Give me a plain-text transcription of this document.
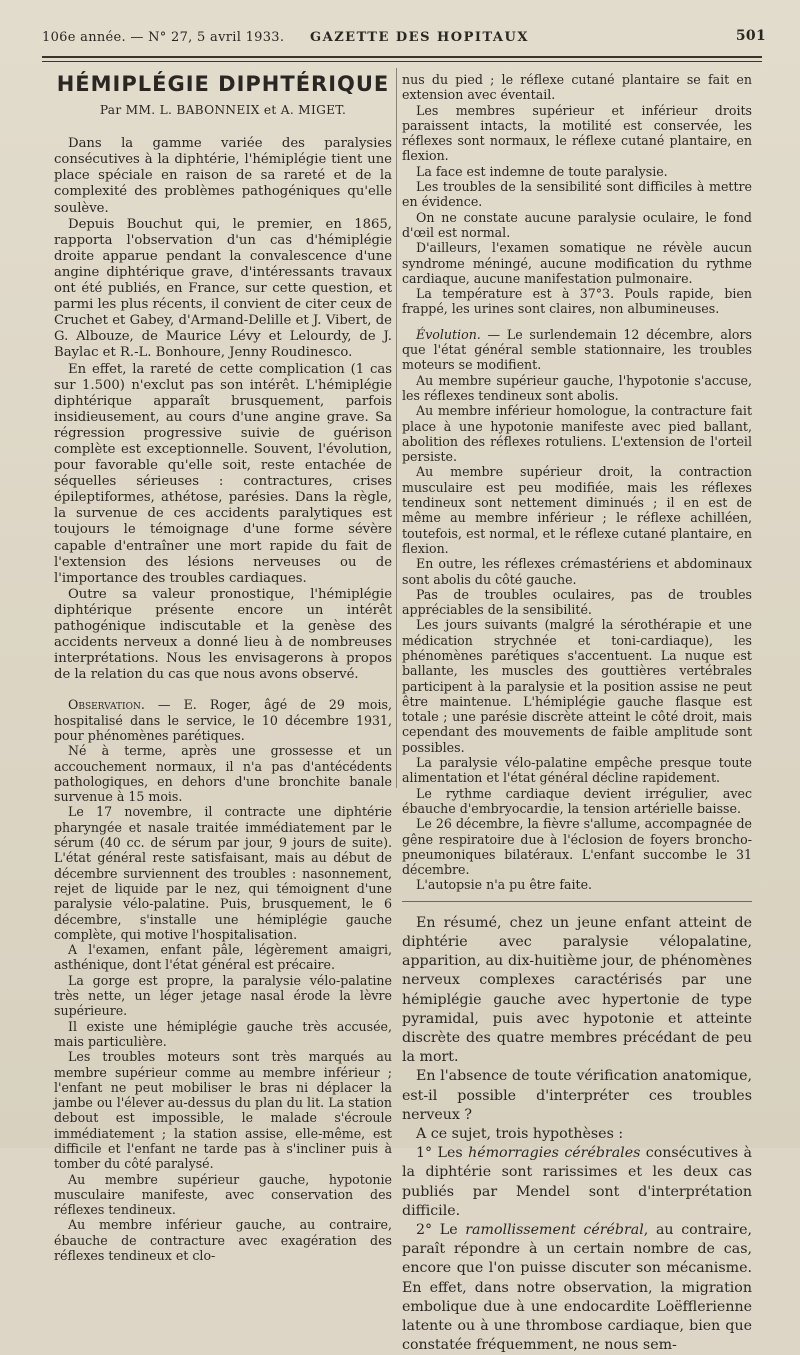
106e année. — N° 27, 5 avril 1933. GAZETTE DES HOPITAUX	501
HÉMIPLÉGIE DIPHTÉRIQUE
Par MM. L. BABONNEIX et A. MIGET.

Dans la gamme variée des paralysies consécutives à la diphtérie, l'hémiplégie tient une place spéciale en raison de sa rareté et de la complexité des problèmes pathogéniques qu'elle soulève.

Depuis Bouchut qui, le premier, en 1865, rapporta l'observation d'un cas d'hémiplégie droite apparue pendant la convalescence d'une angine diphtérique grave, d'intéressants travaux ont été publiés, en France, sur cette question, et parmi les plus récents, il convient de citer ceux de Cruchet et Gabey, d'Armand-Delille et J. Vibert, de G. Albouze, de Maurice Lévy et Lelourdy, de J. Baylac et R.-L. Bonhoure, Jenny Roudinesco.

En effet, la rareté de cette complication (1 cas sur 1.500) n'exclut pas son intérêt. L'hémiplégie diphtérique apparaît brusquement, parfois insidieusement, au cours d'une angine grave. Sa régression progressive suivie de guérison complète est exceptionnelle. Souvent, l'évolution, pour favorable qu'elle soit, reste entachée de séquelles sérieuses : contractures, crises épileptiformes, athétose, parésies. Dans la règle, la survenue de ces accidents paralytiques est toujours le témoignage d'une forme sévère capable d'entraîner une mort rapide du fait de l'extension des lésions nerveuses ou de l'importance des troubles cardiaques.

Outre sa valeur pronostique, l'hémiplégie diphtérique présente encore un intérêt pathogénique indiscutable et la genèse des accidents nerveux a donné lieu à de nombreuses interprétations. Nous les envisagerons à propos de la relation du cas que nous avons observé.

Observation. — E. Roger, âgé de 29 mois, hospitalisé dans le service, le 10 décembre 1931, pour phénomènes parétiques.

Né à terme, après une grossesse et un accouchement normaux, il n'a pas d'antécédents pathologiques, en dehors d'une bronchite banale survenue à 15 mois.

Le 17 novembre, il contracte une diphtérie pharyngée et nasale traitée immédiatement par le sérum (40 cc. de sérum par jour, 9 jours de suite). L'état général reste satisfaisant, mais au début de décembre surviennent des troubles : nasonnement, rejet de liquide par le nez, qui témoignent d'une paralysie vélo-palatine. Puis, brusquement, le 6 décembre, s'installe une hémiplégie gauche complète, qui motive l'hospitalisation.

A l'examen, enfant pâle, légèrement amaigri, asthénique, dont l'état général est précaire.

La gorge est propre, la paralysie vélo-palatine très nette, un léger jetage nasal érode la lèvre supérieure.

Il existe une hémiplégie gauche très accusée, mais particulière.

Les troubles moteurs sont très marqués au membre supérieur comme au membre inférieur ; l'enfant ne peut mobiliser le bras ni déplacer la jambe ou l'élever au-dessus du plan du lit. La station debout est impossible, le malade s'écroule immédiatement ; la station assise, elle-même, est difficile et l'enfant ne tarde pas à s'incliner puis à tomber du côté paralysé.

Au membre supérieur gauche, hypotonie musculaire manifeste, avec conservation des réflexes tendineux.

Au membre inférieur gauche, au contraire, ébauche de contracture avec exagération des réflexes tendineux et clo-

nus du pied ; le réflexe cutané plantaire se fait en extension avec éventail.

Les membres supérieur et inférieur droits paraissent intacts, la motilité est conservée, les réflexes sont normaux, le réflexe cutané plantaire, en flexion.

La face est indemne de toute paralysie.

Les troubles de la sensibilité sont difficiles à mettre en évidence.

On ne constate aucune paralysie oculaire, le fond d'œil est normal.

D'ailleurs, l'examen somatique ne révèle aucun syndrome méningé, aucune modification du rythme cardiaque, aucune manifestation pulmonaire.

La température est à 37°3. Pouls rapide, bien frappé, les urines sont claires, non albumineuses.

Évolution. — Le surlendemain 12 décembre, alors que l'état général semble stationnaire, les troubles moteurs se modifient.

Au membre supérieur gauche, l'hypotonie s'accuse, les réflexes tendineux sont abolis.

Au membre inférieur homologue, la contracture fait place à une hypotonie manifeste avec pied ballant, abolition des réflexes rotuliens. L'extension de l'orteil persiste.

Au membre supérieur droit, la contraction musculaire est peu modifiée, mais les réflexes tendineux sont nettement diminués ; il en est de même au membre inférieur ; le réflexe achilléen, toutefois, est normal, et le réflexe cutané plantaire, en flexion.

En outre, les réflexes crémastériens et abdominaux sont abolis du côté gauche.

Pas de troubles oculaires, pas de troubles appréciables de la sensibilité.

Les jours suivants (malgré la sérothérapie et une médication strychnée et toni-cardiaque), les phénomènes parétiques s'accentuent. La nuque est ballante, les muscles des gouttières vertébrales participent à la paralysie et la position assise ne peut être maintenue. L'hémiplégie gauche flasque est totale ; une parésie discrète atteint le côté droit, mais cependant des mouvements de faible amplitude sont possibles.

La paralysie vélo-palatine empêche presque toute alimentation et l'état général décline rapidement.

Le rythme cardiaque devient irrégulier, avec ébauche d'embryocardie, la tension artérielle baisse.

Le 26 décembre, la fièvre s'allume, accompagnée de gêne respiratoire due à l'éclosion de foyers broncho-pneumoniques bilatéraux. L'enfant succombe le 31 décembre.

L'autopsie n'a pu être faite.

En résumé, chez un jeune enfant atteint de diphtérie avec paralysie vélopalatine, apparition, au dix-huitième jour, de phénomènes nerveux complexes caractérisés par une hémiplégie gauche avec hypertonie de type pyramidal, puis avec hypotonie et atteinte discrète des quatre membres précédant de peu la mort.

En l'absence de toute vérification anatomique, est-il possible d'interpréter ces troubles nerveux ?

A ce sujet, trois hypothèses :

1° Les hémorragies cérébrales consécutives à la diphtérie sont rarissimes et les deux cas publiés par Mendel sont d'interprétation difficile.

2° Le ramollissement cérébral, au contraire, paraît répondre à un certain nombre de cas, encore que l'on puisse discuter son mécanisme. En effet, dans notre observation, la migration embolique due à une endocardite Loëfflerienne latente ou à une thrombose cardiaque, bien que constatée fréquemment, ne nous sem-
